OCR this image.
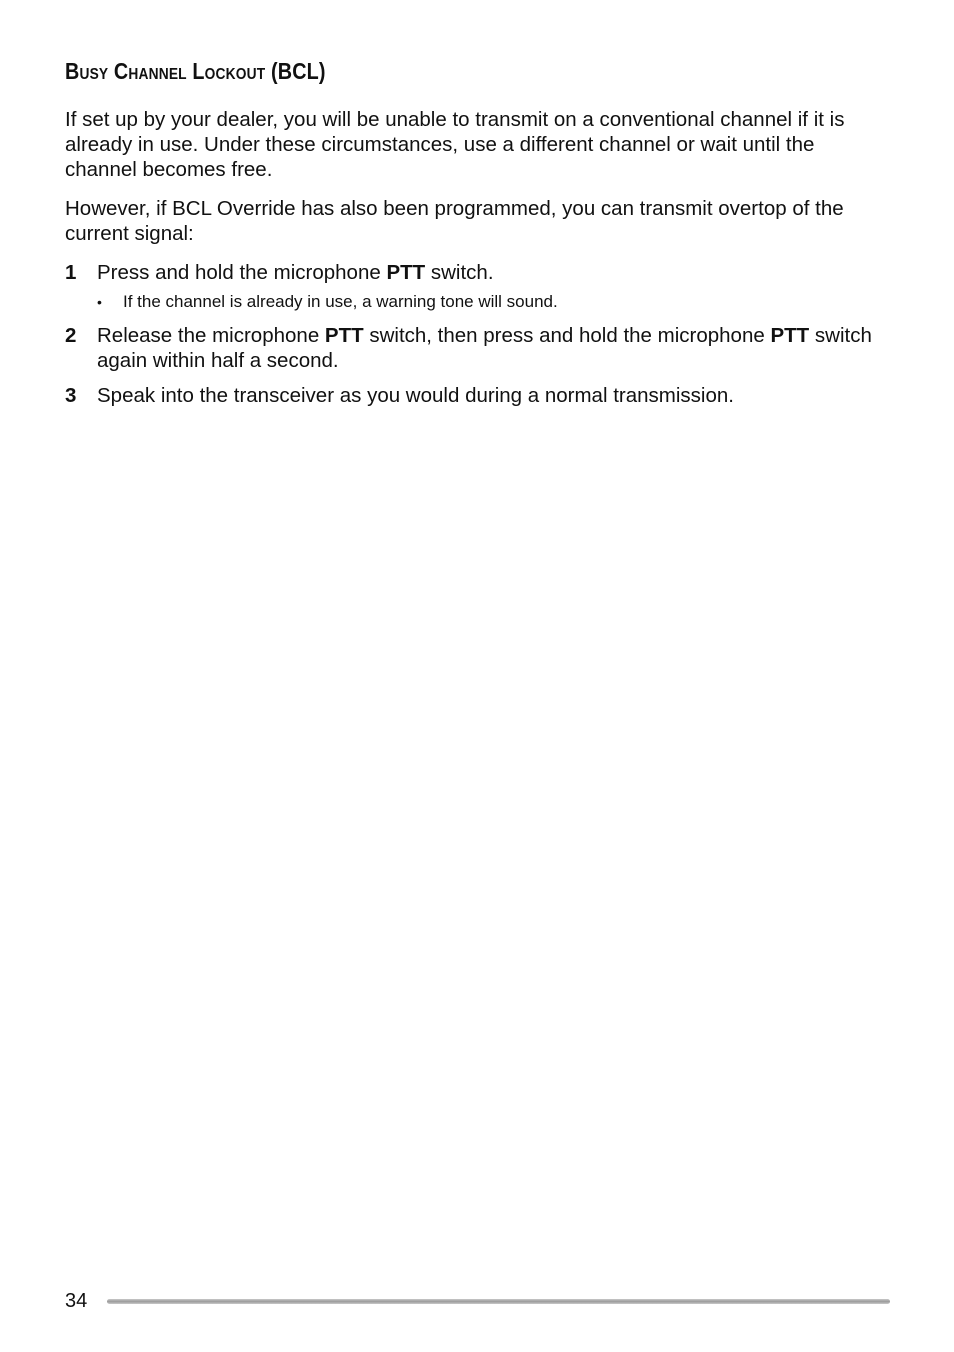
Busy Channel Lockout (BCL)

If set up by your dealer, you will be unable to transmit on a conventional channel if it is already in use. Under these circumstances, use a different channel or wait until the channel becomes free.

However, if BCL Override has also been programmed, you can transmit overtop of the current signal:

1 Press and hold the microphone PTT switch.
• If the channel is already in use, a warning tone will sound.
2 Release the microphone PTT switch, then press and hold the microphone PTT switch again within half a second.
3 Speak into the transceiver as you would during a normal transmission.
34
